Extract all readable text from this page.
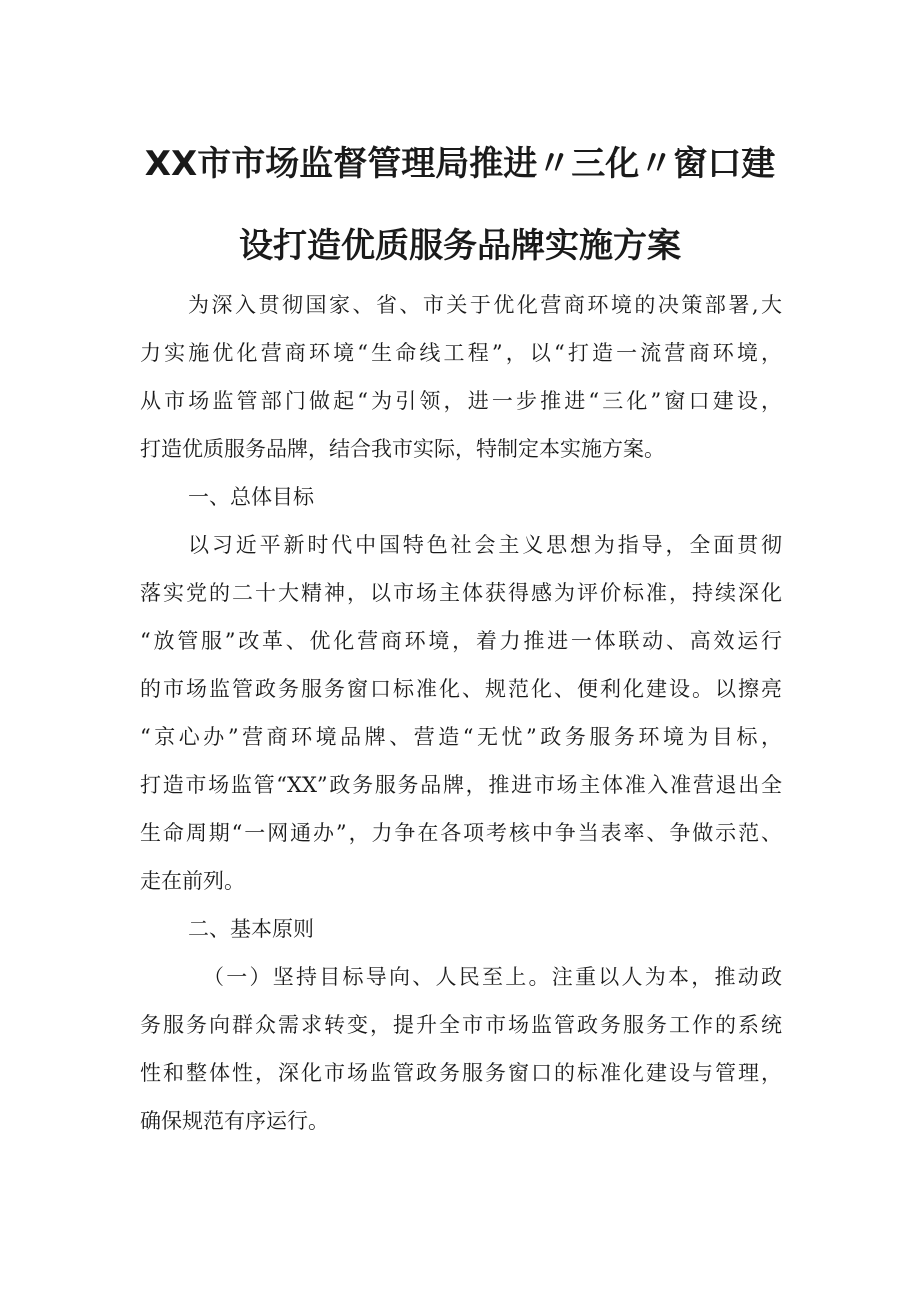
XX市市场监督管理局推进〃三化〃窗口建
设打造优质服务品牌实施方案

为深入贯彻国家、省、市关于优化营商环境的决策部署,大

力实施优化营商环境“生命线工程”，以“打造一流营商环境，

从市场监管部门做起“为引领，进一步推进“三化”窗口建设，

打造优质服务品牌，结合我市实际，特制定本实施方案。

一、总体目标

以习近平新时代中国特色社会主义思想为指导，全面贯彻

落实党的二十大精神，以市场主体获得感为评价标准，持续深化

“放管服”改革、优化营商环境，着力推进一体联动、高效运行

的市场监管政务服务窗口标准化、规范化、便利化建设。以擦亮

“京心办”营商环境品牌、营造“无忧”政务服务环境为目标，

打造市场监管“XX”政务服务品牌，推进市场主体准入准营退出全

生命周期“一网通办”，力争在各项考核中争当表率、争做示范、

走在前列。

二、基本原则

（一）坚持目标导向、人民至上。注重以人为本，推动政

务服务向群众需求转变，提升全市市场监管政务服务工作的系统

性和整体性，深化市场监管政务服务窗口的标准化建设与管理，

确保规范有序运行。
